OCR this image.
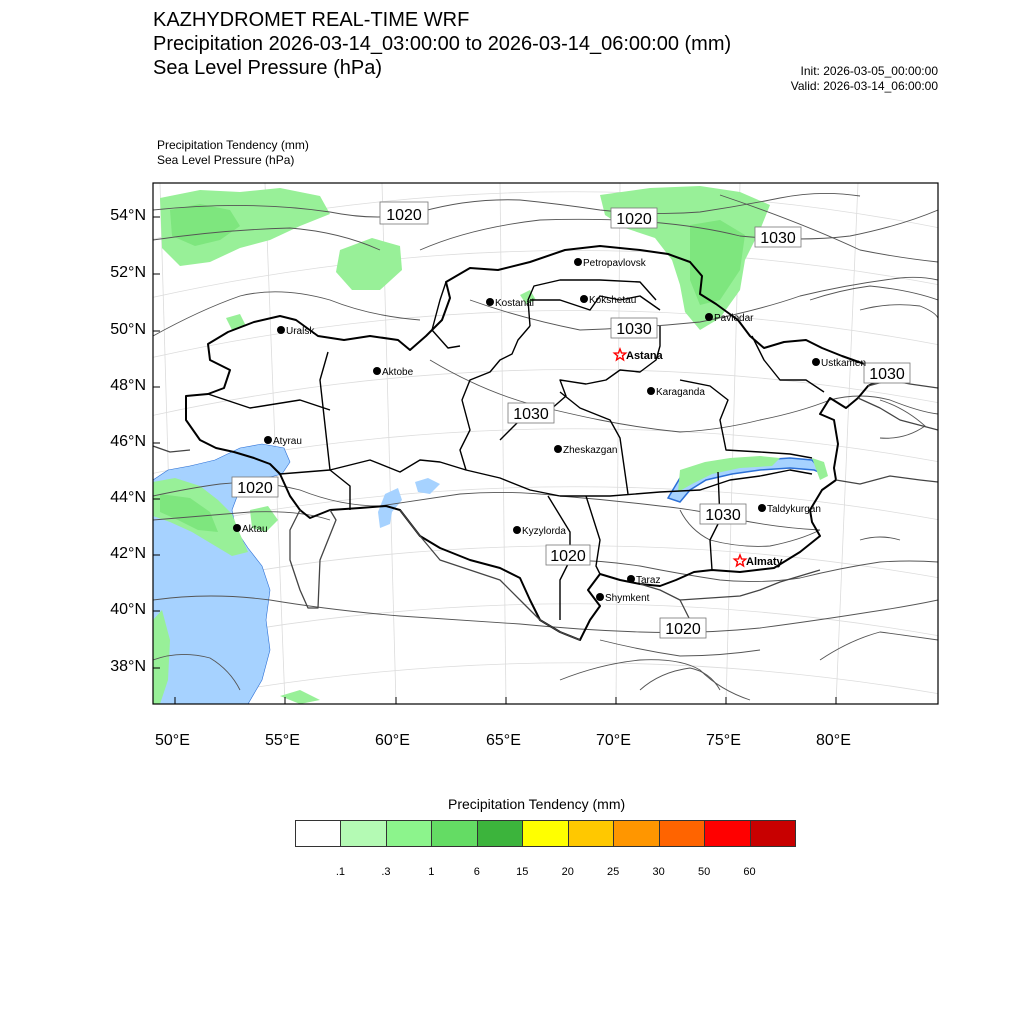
KAZHYDROMET REAL-TIME WRF
Precipitation 2026-03-14_03:00:00 to 2026-03-14_06:00:00 (mm)
Sea Level Pressure (hPa)	Init: 2026-03-05_00:00:00
Valid: 2026-03-14_06:00:00
Precipitation Tendency (mm)
Sea Level Pressure (hPa)
1020	1020
1030
1030
1030
1030
1020
1030
1020
1020
Petropavlovsk
Kostanai	Kokshetau
Uralsk
Pavlodar
Astana
Aktobe
Ustkamen
Karaganda
Atyrau
Zheskazgan
Taldykurgan
Aktau	Kyzylorda
Almaty
Taraz
Shymkent
54°N
52°N
50°N
48°N
46°N
44°N
42°N
40°N
38°N
50°E	55°E	60°E	65°E	70°E	75°E	80°E
Precipitation Tendency (mm)
.1	.3	1	6	15	20	25	30	50	60
